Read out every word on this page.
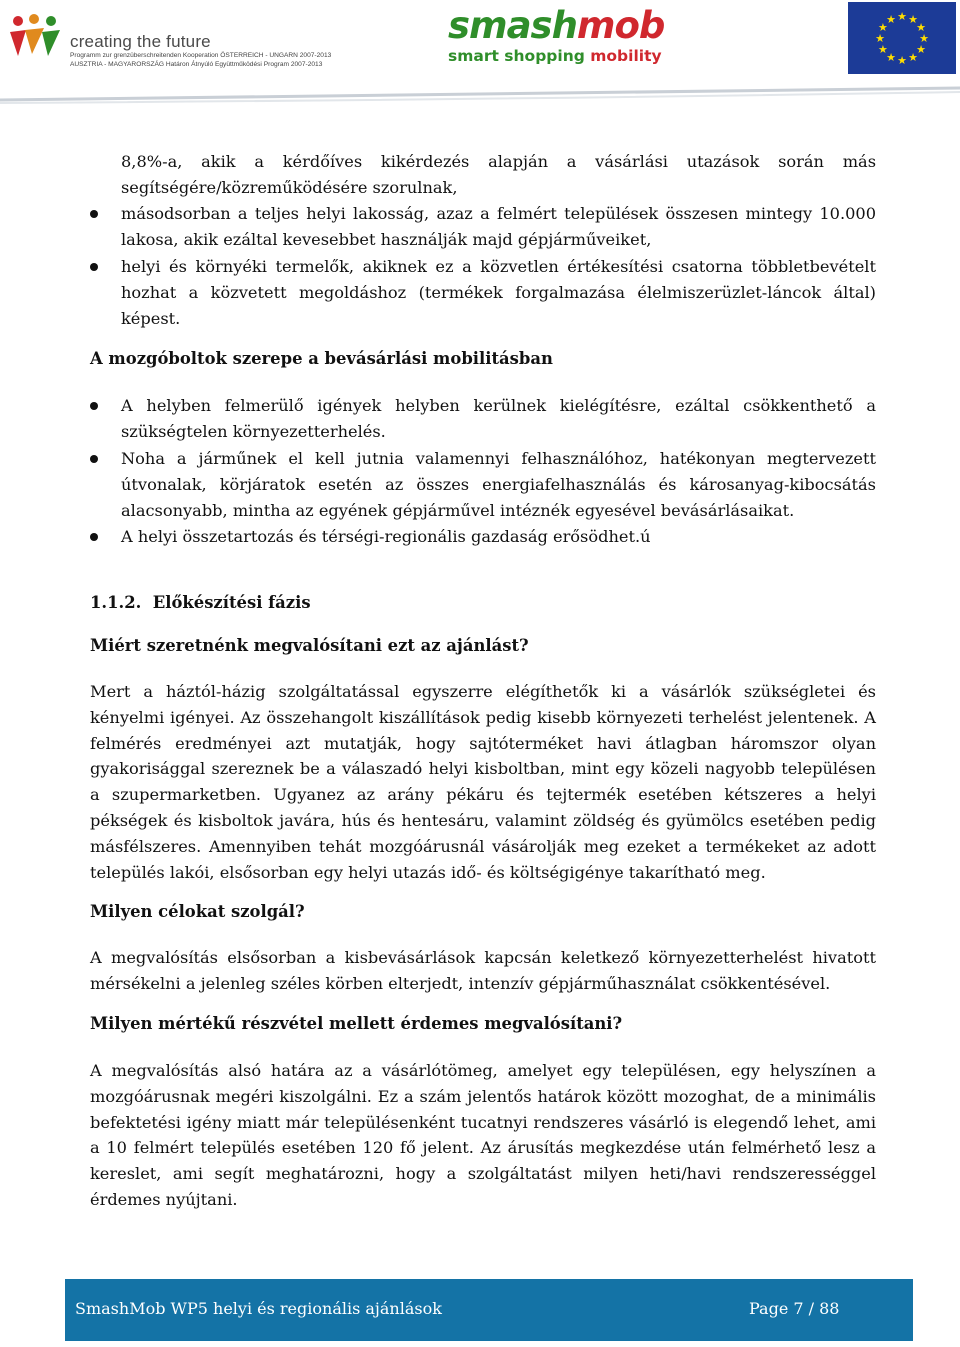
creating the future
Programm zur grenzüberschreitenden Kooperation ÖSTERREICH - UNGARN 2007-2013
AUSZTRIA - MAGYARORSZÁG Határon Átnyúló Együttműködési Program 2007-2013
smashmob
smart shopping mobility
★ ★
★
★
★
★
★
★
★
★
★
★
8,8%-a, akik a kérdőíves kikérdezés alapján a vásárlási utazások során más segítségére/közreműködésére szorulnak,
másodsorban a teljes helyi lakosság, azaz a felmért települések összesen mintegy 10.000 lakosa, akik ezáltal kevesebbet használják majd gépjárműveiket,
helyi és környéki termelők, akiknek ez a közvetlen értékesítési csatorna többletbevételt hozhat a közvetett megoldáshoz (termékek forgalmazása élelmiszerüzlet-láncok által) képest.
A mozgóboltok szerepe a bevásárlási mobilitásban
A helyben felmerülő igények helyben kerülnek kielégítésre, ezáltal csökkenthető a szükségtelen környezetterhelés.
Noha a járműnek el kell jutnia valamennyi felhasználóhoz, hatékonyan megtervezett útvonalak, körjáratok esetén az összes energiafelhasználás és károsanyag-kibocsátás alacsonyabb, mintha az egyének gépjárművel intéznék egyesével bevásárlásaikat.
A helyi összetartozás és térségi-regionális gazdaság erősödhet.ú
1.1.2. Előkészítési fázis
Miért szeretnénk megvalósítani ezt az ajánlást?

Mert a háztól-házig szolgáltatással egyszerre elégíthetők ki a vásárlók szükségletei és kényelmi igényei. Az összehangolt kiszállítások pedig kisebb környezeti terhelést jelentenek. A felmérés eredményei azt mutatják, hogy sajtóterméket havi átlagban háromszor olyan gyakorisággal szereznek be a válaszadó helyi kisboltban, mint egy közeli nagyobb településen a szupermarketben. Ugyanez az arány pékáru és tejtermék esetében kétszeres a helyi pékségek és kisboltok javára, hús és hentesáru, valamint zöldség és gyümölcs esetében pedig másfélszeres. Amennyiben tehát mozgóárusnál vásárolják meg ezeket a termékeket az adott település lakói, elsősorban egy helyi utazás idő- és költségigénye takarítható meg.

Milyen célokat szolgál?

A megvalósítás elsősorban a kisbevásárlások kapcsán keletkező környezetterhelést hivatott mérsékelni a jelenleg széles körben elterjedt, intenzív gépjárműhasználat csökkentésével.

Milyen mértékű részvétel mellett érdemes megvalósítani?

A megvalósítás alsó határa az a vásárlótömeg, amelyet egy településen, egy helyszínen a mozgóárusnak megéri kiszolgálni. Ez a szám jelentős határok között mozoghat, de a minimális befektetési igény miatt már településenként tucatnyi rendszeres vásárló is elegendő lehet, ami a 10 felmért település esetében 120 fő jelent. Az árusítás megkezdése után felmérhető lesz a kereslet, ami segít meghatározni, hogy a szolgáltatást milyen heti/havi rendszerességgel érdemes nyújtani.

SmashMob WP5 helyi és regionális ajánlások	Page 7 / 88
